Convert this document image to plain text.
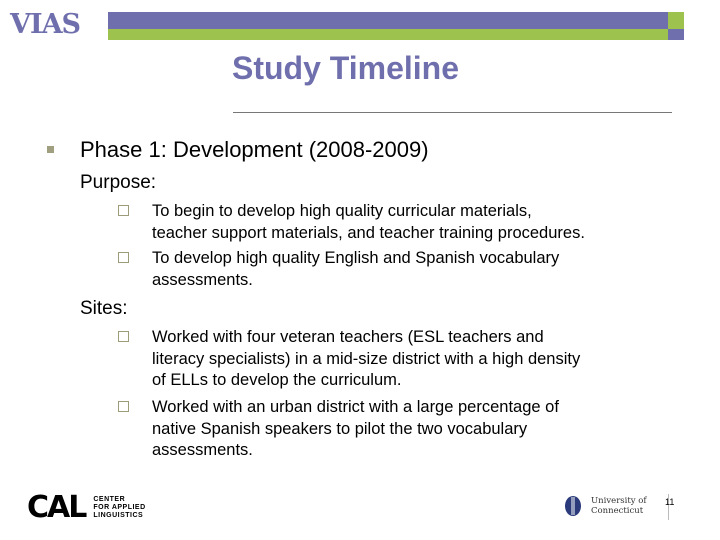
VIAS
Study Timeline
Phase 1: Development (2008-2009)
Purpose:
To begin to develop high quality curricular materials,
teacher support materials, and teacher training procedures.
To develop high quality English and Spanish vocabulary
assessments.
Sites:
Worked with four veteran teachers (ESL teachers and
literacy specialists) in a mid-size district with a high density
of ELLs to develop the curriculum.
Worked with an urban district with a large percentage of
native Spanish speakers to pilot the two vocabulary
assessments.
CAL CENTER
FOR APPLIED
LINGUISTICS
University of
Connecticut
11
